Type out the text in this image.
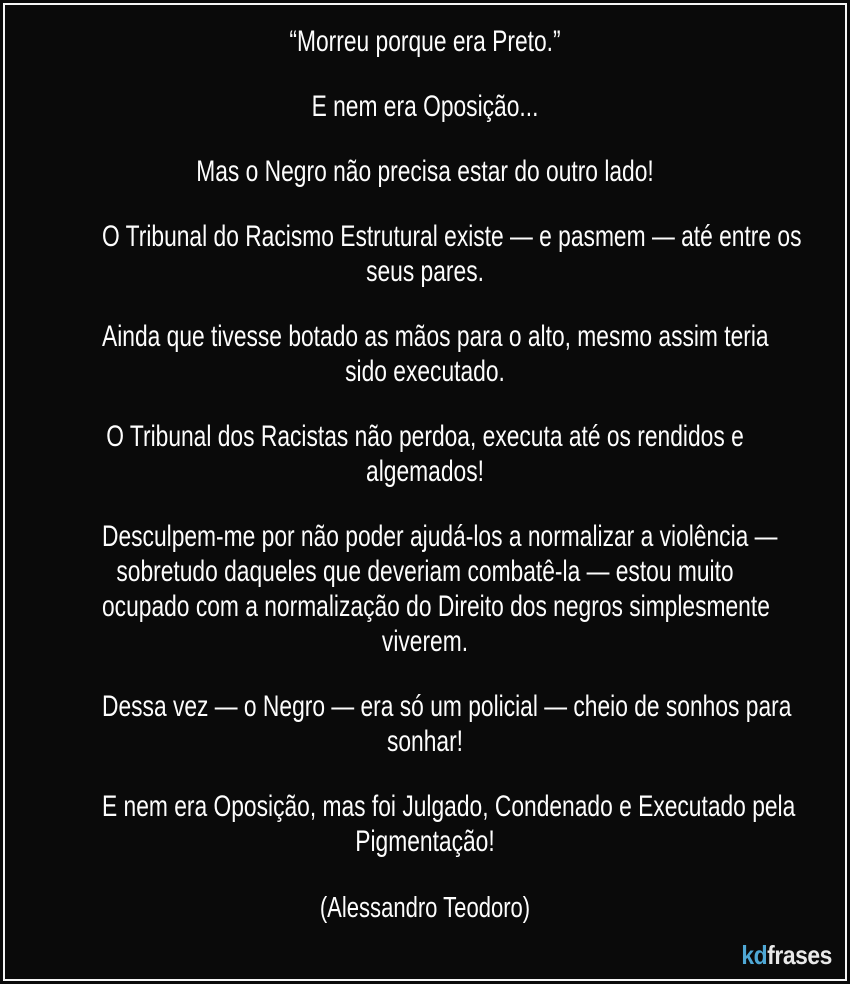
“Morreu porque era Preto.”

E nem era Oposição...

Mas o Negro não precisa estar do outro lado!

O Tribunal do Racismo Estrutural existe — e pasmem — até entre os
seus pares.

Ainda que tivesse botado as mãos para o alto, mesmo assim teria
sido executado.

O Tribunal dos Racistas não perdoa, executa até os rendidos e
algemados!

Desculpem-me por não poder ajudá-los a normalizar a violência —
sobretudo daqueles que deveriam combatê-la — estou muito
ocupado com a normalização do Direito dos negros simplesmente
viverem.

Dessa vez — o Negro — era só um policial — cheio de sonhos para
sonhar!

E nem era Oposição, mas foi Julgado, Condenado e Executado pela
Pigmentação!

(Alessandro Teodoro)
kdfrases
